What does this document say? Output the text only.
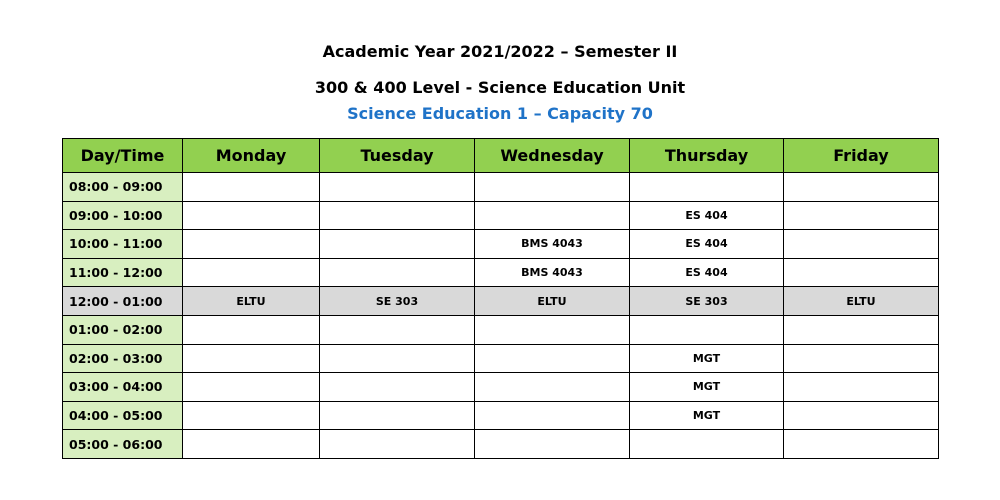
Academic Year 2021/2022 – Semester II
300 & 400 Level - Science Education Unit
Science Education 1 – Capacity 70
Day/Time	Monday	Tuesday	Wednesday	Thursday	Friday
08:00 - 09:00					
09:00 - 10:00				ES 404	
10:00 - 11:00			BMS 4043	ES 404	
11:00 - 12:00			BMS 4043	ES 404	
12:00 - 01:00	ELTU	SE 303	ELTU	SE 303	ELTU
01:00 - 02:00					
02:00 - 03:00				MGT	
03:00 - 04:00				MGT	
04:00 - 05:00				MGT	
05:00 - 06:00					
